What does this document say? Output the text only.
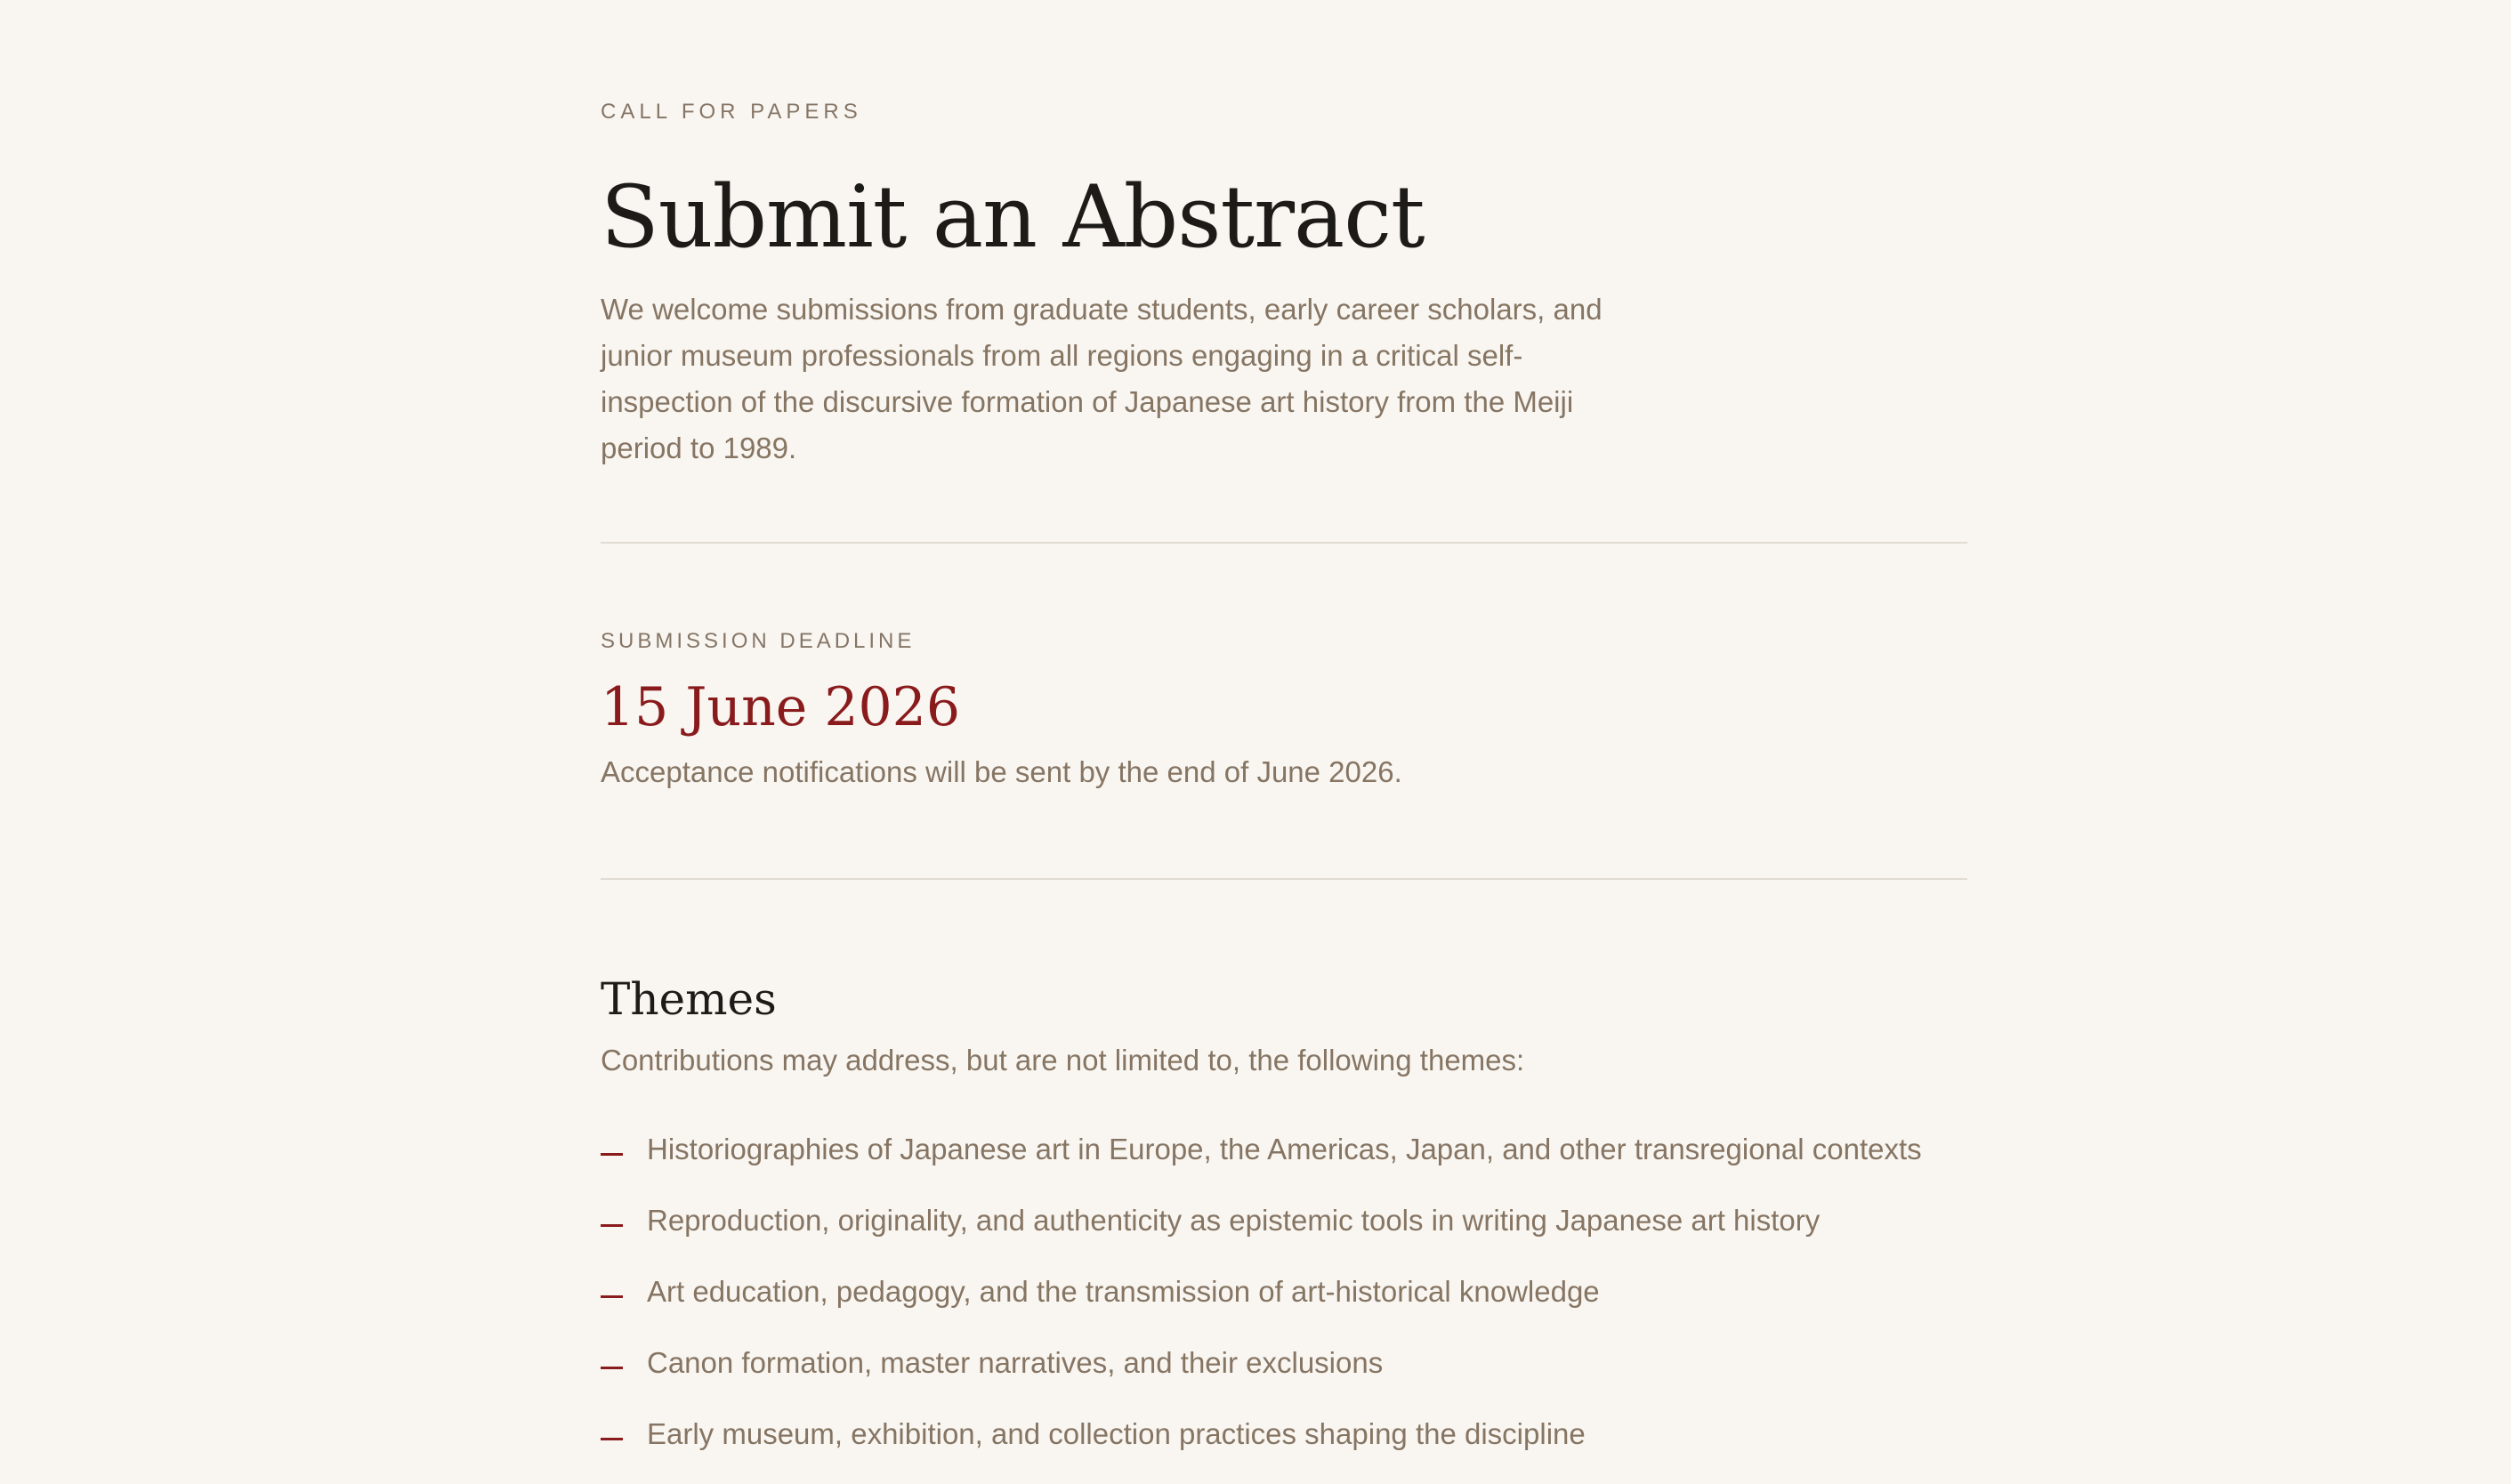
CALL FOR PAPERS
Submit an Abstract

We welcome submissions from graduate students, early career scholars, and junior museum professionals from all regions engaging in a critical self-inspection of the discursive formation of Japanese art history from the Meiji period to 1989.

SUBMISSION DEADLINE
15 June 2026

Acceptance notifications will be sent by the end of June 2026.

Themes

Contributions may address, but are not limited to, the following themes:

Historiographies of Japanese art in Europe, the Americas, Japan, and other transregional contexts
Reproduction, originality, and authenticity as epistemic tools in writing Japanese art history
Art education, pedagogy, and the transmission of art-historical knowledge
Canon formation, master narratives, and their exclusions
Early museum, exhibition, and collection practices shaping the discipline
